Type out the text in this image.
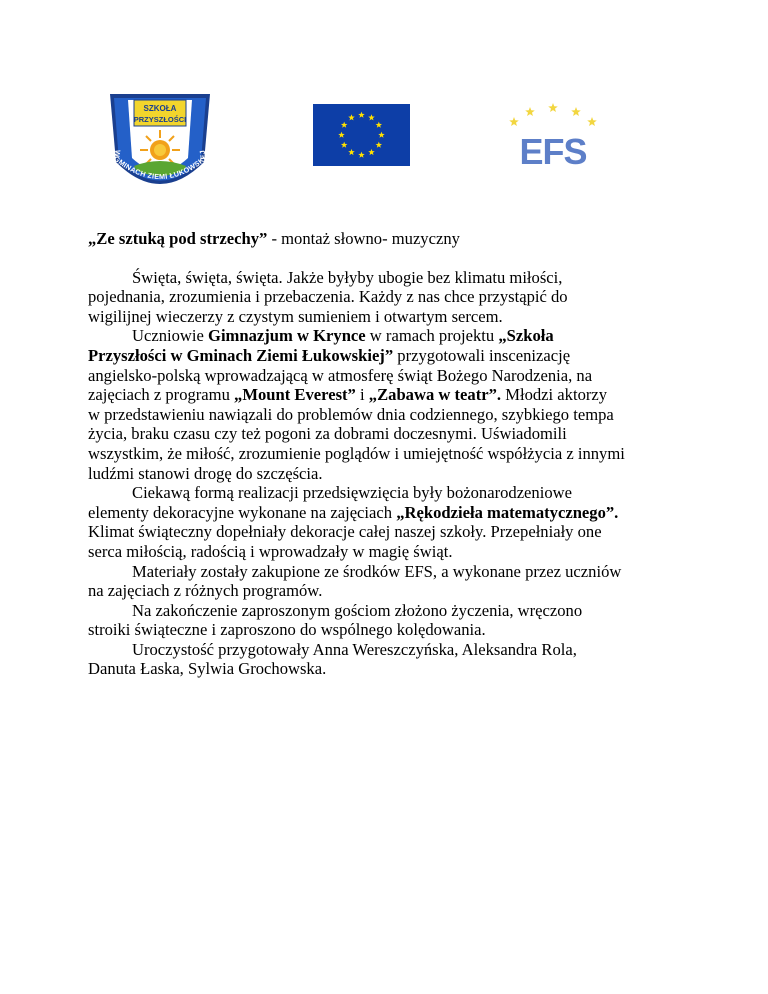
SZKOŁA
PRZYSZŁOŚCI
W GMINACH ZIEMI ŁUKOWSKIEJ	EFS

„Ze sztuką pod strzechy” - montaż słowno- muzyczny

Święta, święta, święta. Jakże byłyby ubogie bez klimatu miłości,
pojednania, zrozumienia i przebaczenia. Każdy z nas chce przystąpić do
wigilijnej wieczerzy z czystym sumieniem i otwartym sercem.
Uczniowie Gimnazjum w Krynce w ramach projektu „Szkoła
Przyszłości w Gminach Ziemi Łukowskiej” przygotowali inscenizację
angielsko-polską wprowadzającą w atmosferę świąt Bożego Narodzenia, na
zajęciach z programu „Mount Everest” i „Zabawa w teatr”. Młodzi aktorzy
w przedstawieniu nawiązali do problemów dnia codziennego, szybkiego tempa
życia, braku czasu czy też pogoni za dobrami doczesnymi. Uświadomili
wszystkim, że miłość, zrozumienie poglądów i umiejętność współżycia z innymi
ludźmi stanowi drogę do szczęścia.
Ciekawą formą realizacji przedsięwzięcia były bożonarodzeniowe
elementy dekoracyjne wykonane na zajęciach „Rękodzieła matematycznego”.
Klimat świąteczny dopełniały dekoracje całej naszej szkoły. Przepełniały one
serca miłością, radością i wprowadzały w magię świąt.
Materiały zostały zakupione ze środków EFS, a wykonane przez uczniów
na zajęciach z różnych programów.
Na zakończenie zaproszonym gościom złożono życzenia, wręczono
stroiki świąteczne i zaproszono do wspólnego kolędowania.
Uroczystość przygotowały Anna Wereszczyńska, Aleksandra Rola,
Danuta Łaska, Sylwia Grochowska.
